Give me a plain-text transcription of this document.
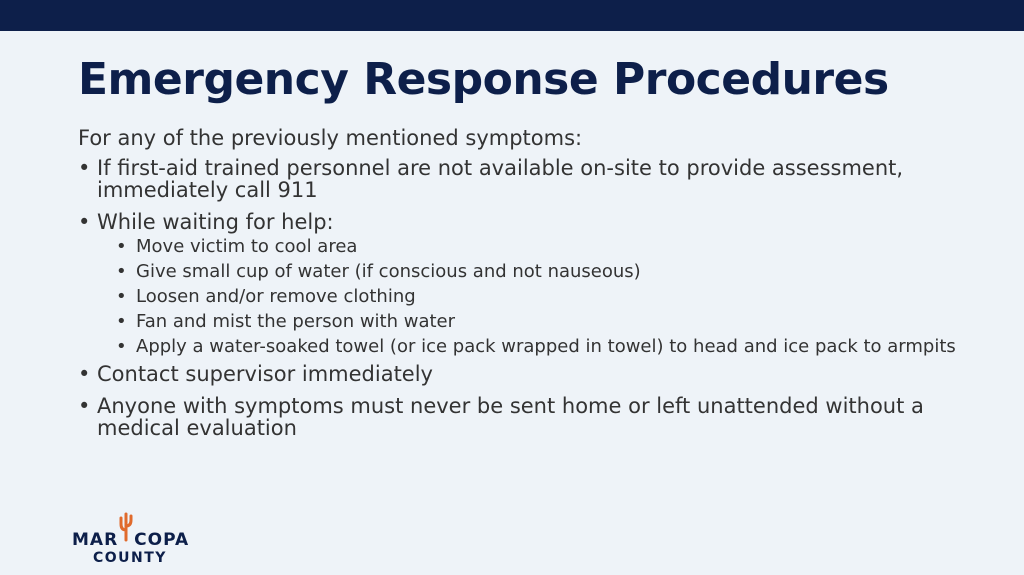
Emergency Response Procedures

For any of the previously mentioned symptoms:

• If first-aid trained personnel are not available on-site to provide assessment, immediately call 911
• While waiting for help:
• Move victim to cool area
• Give small cup of water (if conscious and not nauseous)
• Loosen and/or remove clothing
• Fan and mist the person with water
• Apply a water-soaked towel (or ice pack wrapped in towel) to head and ice pack to armpits
• Contact supervisor immediately
• Anyone with symptoms must never be sent home or left unattended without a medical evaluation
MAR COPA
COUNTY
